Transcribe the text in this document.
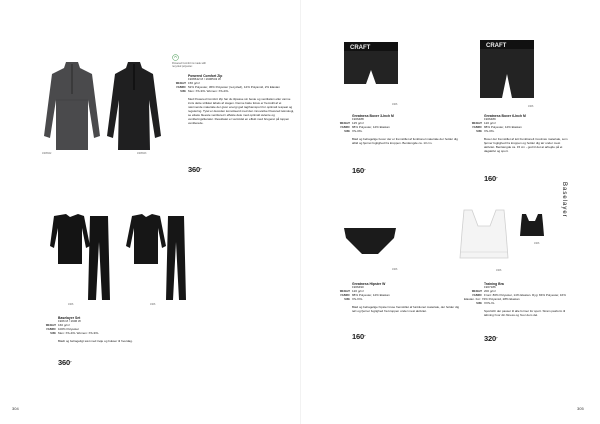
1906542	1906543
Powered Comfort is made with recycled polyester.
Powered Comfort Zip
1906542 M / 1906543 W
WEIGHT 156 g/m²
FABRIC 52% Polyester, 36% Polyester (recycled), 12% Polyamid, 2% Elastan
SIZE Men: XS-3XL Women: XS-2XL
Med Powered Comfort Zip har du tilpasse sin beste og ventilation eller varme innis dette strikket labels af stagen. Denne bæle fokus er fremstilt af et nærmende materiale der giver energi god tagthamsport for optimalt respeat og regulering. Tytel er decoden komolteerd med den innovative Powered teknologi, se etkele bleeste ventilered i effekte dele med optimalt avlente og ventileringsliteratur. Resultatet er varmtdel en effekt med brugeret på toppen ventilerede.
360,-
CRAFT
1906
Greatness Boxer 3-Inch M
1906488
WEIGHT 125 g/m²
FABRIC 88% Polyester, 12% Elastan
SIZE XS-3XL
Blød og behagelige boxer der er fremstillet af funktionel materiale der holder dig alltid og fjernet fugtighed fra kroppen. Benlængde ca. 13 cm.
160,-
CRAFT
1906
Greatness Boxer 6-Inch M
1906489
WEIGHT 120 g/m²
FABRIC 88% Polyester, 12% Elastan
SIZE XS-3XL
Boxer der fremstillet af lett Funktionelt Coolmax materiale, som fjerner fugtighed fra kroppen og holder dig tør under mest aktivitet. Benlængde ca. 15 cm - god til det at arbejde på et dagaktivt og sport.
160,-
Baselayer
1906
Greatness Hipster W
1906490
WEIGHT 120 g/m²
FABRIC 88% Polyester, 12% Elastan
SIZE XS-XXL
Blød og behagelige hipster truse fremstillet af funktionel materiale, der holder dig tørt og fjerner fugtighed fra kroppen under mest aktivitet.
160,-
1906	1906
Baselayer Set
1906 M / 1906 W
WEIGHT 160 g/m²
FABRIC 100% Polyester
SIZE Men: XS-4XL Women: XS-3XL
Blødt og behageligt sæt med trøje og bukser til hverdag.
360,-
1906
1906
Training Bra
1907186
WEIGHT 200 g/m²
FABRIC Front: 86% Polyester, 14% Elastan. Ryg: 84% Polyester, 16% Elastan. For: 72% Polyamid, 28% Elastan
SIZE XXS-XL
Sportsbh der passer til alle former for sport. Stram pasform til løbning hvor din fitness og hvor dem del.
320,-
304	305
